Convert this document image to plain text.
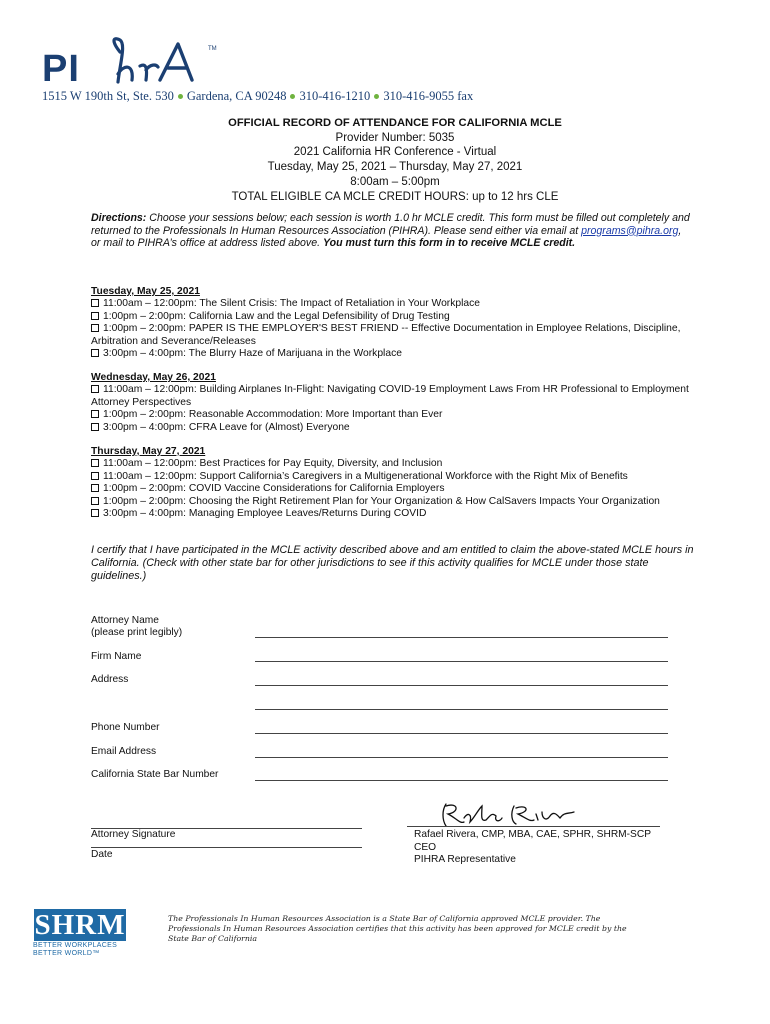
PI	TM
1515 W 190th St, Ste. 530 Gardena, CA 90248 310-416-1210 310-416-9055 fax
OFFICIAL RECORD OF ATTENDANCE FOR CALIFORNIA MCLE
Provider Number: 5035
2021 California HR Conference - Virtual
Tuesday, May 25, 2021 – Thursday, May 27, 2021
8:00am – 5:00pm
TOTAL ELIGIBLE CA MCLE CREDIT HOURS: up to 12 hrs CLE
Directions: Choose your sessions below; each session is worth 1.0 hr MCLE credit. This form must be filled out completely and returned to the Professionals In Human Resources Association (PIHRA). Please send either via email at programs@pihra.org, or mail to PIHRA’s office at address listed above. You must turn this form in to receive MCLE credit.
Tuesday, May 25, 2021
11:00am – 12:00pm: The Silent Crisis: The Impact of Retaliation in Your Workplace
1:00pm – 2:00pm: California Law and the Legal Defensibility of Drug Testing
1:00pm – 2:00pm: PAPER IS THE EMPLOYER'S BEST FRIEND -- Effective Documentation in Employee Relations, Discipline, Arbitration and Severance/Releases
3:00pm – 4:00pm: The Blurry Haze of Marijuana in the Workplace
Wednesday, May 26, 2021
11:00am – 12:00pm: Building Airplanes In-Flight: Navigating COVID-19 Employment Laws From HR Professional to Employment Attorney Perspectives
1:00pm – 2:00pm: Reasonable Accommodation: More Important than Ever
3:00pm – 4:00pm: CFRA Leave for (Almost) Everyone
Thursday, May 27, 2021
11:00am – 12:00pm: Best Practices for Pay Equity, Diversity, and Inclusion
11:00am – 12:00pm: Support California’s Caregivers in a Multigenerational Workforce with the Right Mix of Benefits
1:00pm – 2:00pm: COVID Vaccine Considerations for California Employers
1:00pm – 2:00pm: Choosing the Right Retirement Plan for Your Organization & How CalSavers Impacts Your Organization
3:00pm – 4:00pm: Managing Employee Leaves/Returns During COVID
I certify that I have participated in the MCLE activity described above and am entitled to claim the above-stated MCLE hours in California. (Check with other state bar for other jurisdictions to see if this activity qualifies for MCLE under those state guidelines.)
Attorney Name
(please print legibly)
Firm Name
Address
Phone Number
Email Address
California State Bar Number
Attorney Signature
Date
Rafael Rivera, CMP, MBA, CAE, SPHR, SHRM-SCP
CEO
PIHRA Representative
SHRM
BETTER WORKPLACES
BETTER WORLD™
The Professionals In Human Resources Association is a State Bar of California approved MCLE provider. The Professionals In Human Resources Association certifies that this activity has been approved for MCLE credit by the State Bar of California
